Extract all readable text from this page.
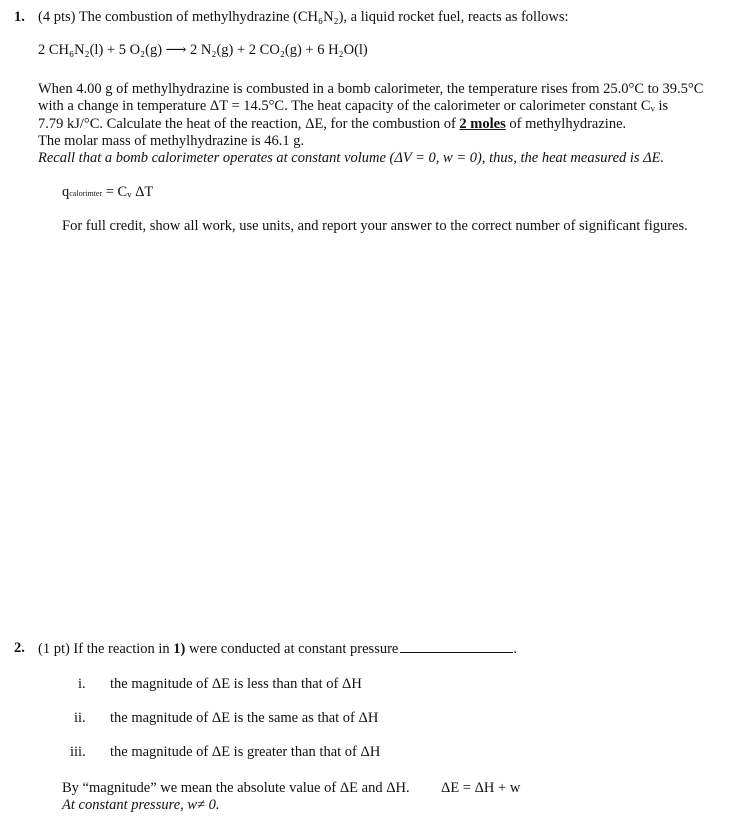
1. (4 pts) The combustion of methylhydrazine (CH₆N₂), a liquid rocket fuel, reacts as follows:
2 CH₆N₂(l) + 5 O₂(g) ⟶ 2 N₂(g) + 2 CO₂(g) + 6 H₂O(l)
When 4.00 g of methylhydrazine is combusted in a bomb calorimeter, the temperature rises from 25.0°C to 39.5°C
with a change in temperature ΔT = 14.5°C. The heat capacity of the calorimeter or calorimeter constant Cᵥ is
7.79 kJ/°C. Calculate the heat of the reaction, ΔE, for the combustion of 2 moles of methylhydrazine.
The molar mass of methylhydrazine is 46.1 g.
Recall that a bomb calorimeter operates at constant volume (ΔV = 0, w = 0), thus, the heat measured is ΔE.
qcalorimter = Cᵥ ΔT
For full credit, show all work, use units, and report your answer to the correct number of significant figures.
2. (1 pt) If the reaction in 1) were conducted at constant pressure	.
i. the magnitude of ΔE is less than that of ΔH
ii. the magnitude of ΔE is the same as that of ΔH
iii. the magnitude of ΔE is greater than that of ΔH
By “magnitude” we mean the absolute value of ΔE and ΔH. ΔE = ΔH + w
At constant pressure, w≠ 0.
